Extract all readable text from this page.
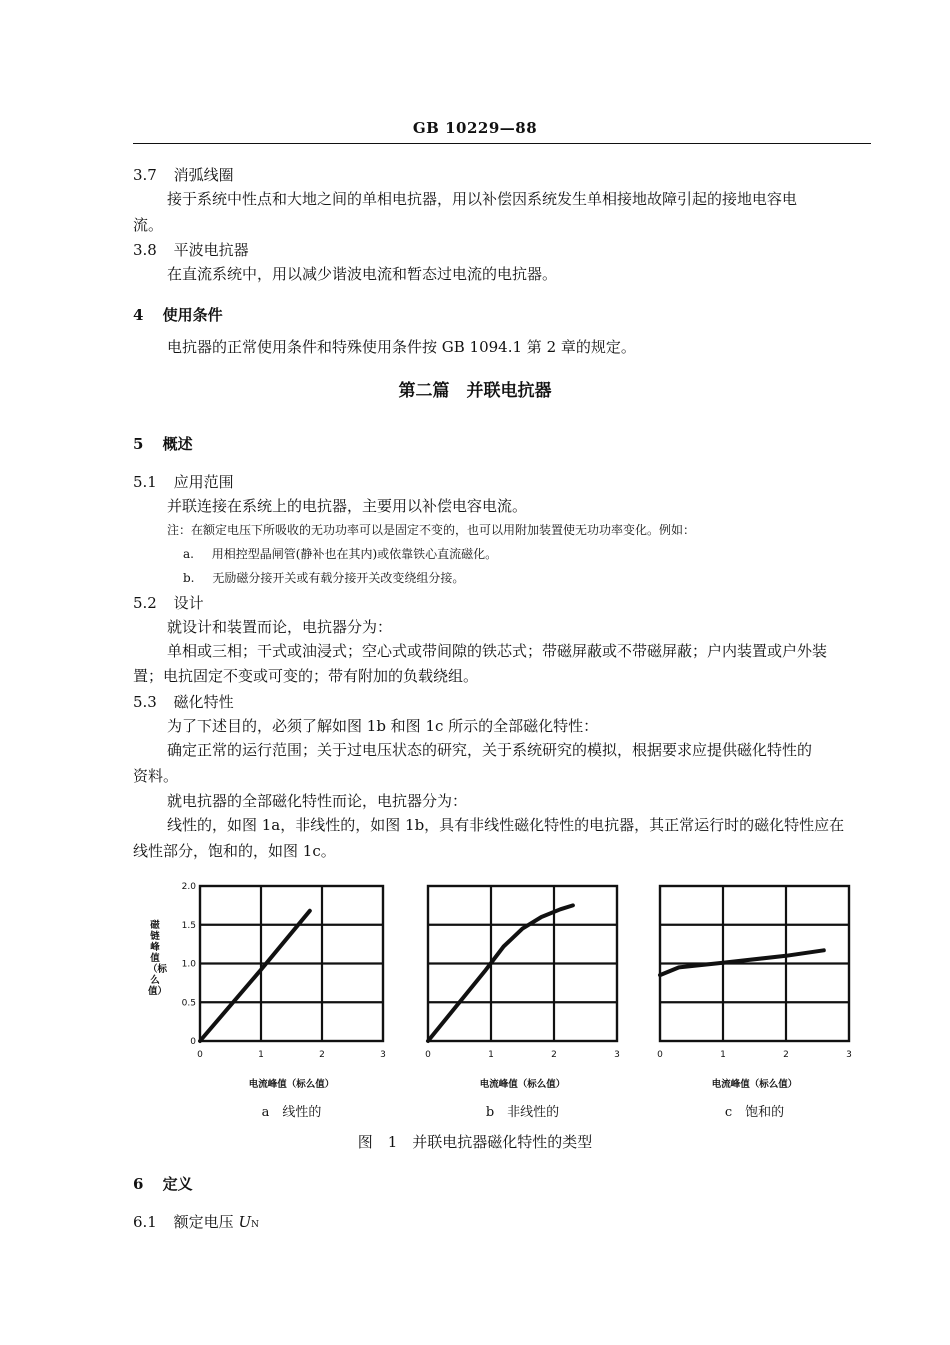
GB 10229—88
3.7 消弧线圈
接于系统中性点和大地之间的单相电抗器，用以补偿因系统发生单相接地故障引起的接地电容电
流。
3.8 平波电抗器
在直流系统中，用以减少谐波电流和暂态过电流的电抗器。
4 使用条件
电抗器的正常使用条件和特殊使用条件按 GB 1094.1 第 2 章的规定。
第二篇　并联电抗器
5 概述
5.1 应用范围
并联连接在系统上的电抗器，主要用以补偿电容电流。
注：在额定电压下所吸收的无功功率可以是固定不变的，也可以用附加装置使无功功率变化。例如：
a. 用相控型晶闸管(静补也在其内)或依靠铁心直流磁化。
b. 无励磁分接开关或有载分接开关改变绕组分接。
5.2 设计
就设计和装置而论，电抗器分为：
单相或三相；干式或油浸式；空心式或带间隙的铁芯式；带磁屏蔽或不带磁屏蔽；户内装置或户外装
置；电抗固定不变或可变的；带有附加的负载绕组。
5.3 磁化特性
为了下述目的，必须了解如图 1b 和图 1c 所示的全部磁化特性：
确定正常的运行范围；关于过电压状态的研究，关于系统研究的模拟，根据要求应提供磁化特性的
资料。
就电抗器的全部磁化特性而论，电抗器分为：
线性的，如图 1a，非线性的，如图 1b，具有非线性磁化特性的电抗器，其正常运行时的磁化特性应在
线性部分，饱和的，如图 1c。
0	1	2	3
0
0.5
1.0
1.5
2.0
0	1	2	3	0	1	2	3
电流峰值（标么值）	电流峰值（标么值）	电流峰值（标么值）
a　线性的	b　非线性的	c　饱和的
磁链峰值（标么值）
图　1　并联电抗器磁化特性的类型
6 定义
6.1 额定电压 UN
